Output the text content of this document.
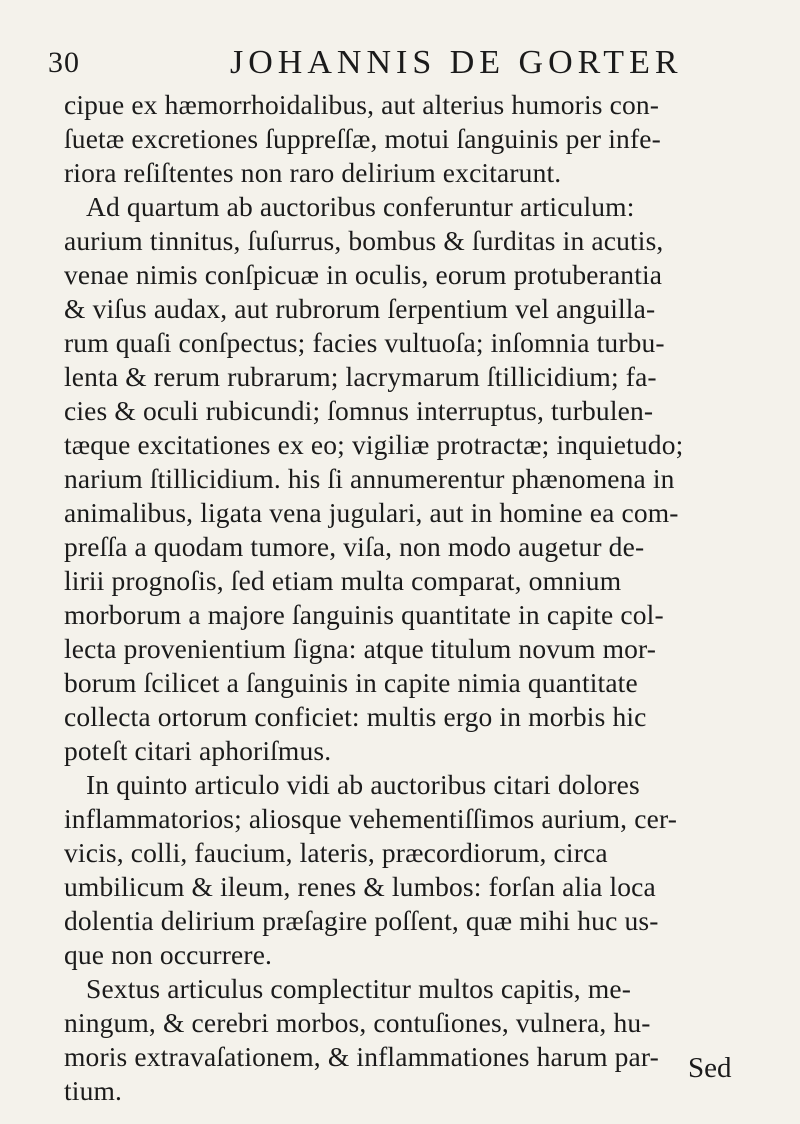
30	JOHANNIS DE GORTER
cipue ex hæmorrhoidalibus, aut alterius humoris con-
ſuetæ excretiones ſuppreſſæ, motui ſanguinis per infe-
riora reſiſtentes non raro delirium excitarunt.
Ad quartum ab auctoribus conferuntur articulum:
aurium tinnitus, ſuſurrus, bombus & ſurditas in acutis,
venae nimis conſpicuæ in oculis, eorum protuberantia
& viſus audax, aut rubrorum ſerpentium vel anguilla-
rum quaſi conſpectus; facies vultuoſa; inſomnia turbu-
lenta & rerum rubrarum; lacrymarum ſtillicidium; fa-
cies & oculi rubicundi; ſomnus interruptus, turbulen-
tæque excitationes ex eo; vigiliæ protractæ; inquietudo;
narium ſtillicidium. his ſi annumerentur phænomena in
animalibus, ligata vena jugulari, aut in homine ea com-
preſſa a quodam tumore, viſa, non modo augetur de-
lirii prognoſis, ſed etiam multa comparat, omnium
morborum a majore ſanguinis quantitate in capite col-
lecta provenientium ſigna: atque titulum novum mor-
borum ſcilicet a ſanguinis in capite nimia quantitate
collecta ortorum conficiet: multis ergo in morbis hic
poteſt citari aphoriſmus.
In quinto articulo vidi ab auctoribus citari dolores
inflammatorios; aliosque vehementiſſimos aurium, cer-
vicis, colli, faucium, lateris, præcordiorum, circa
umbilicum & ileum, renes & lumbos: forſan alia loca
dolentia delirium præſagire poſſent, quæ mihi huc us-
que non occurrere.
Sextus articulus complectitur multos capitis, me-
ningum, & cerebri morbos, contuſiones, vulnera, hu-
moris extravaſationem, & inflammationes harum par-
tium.
Sed
